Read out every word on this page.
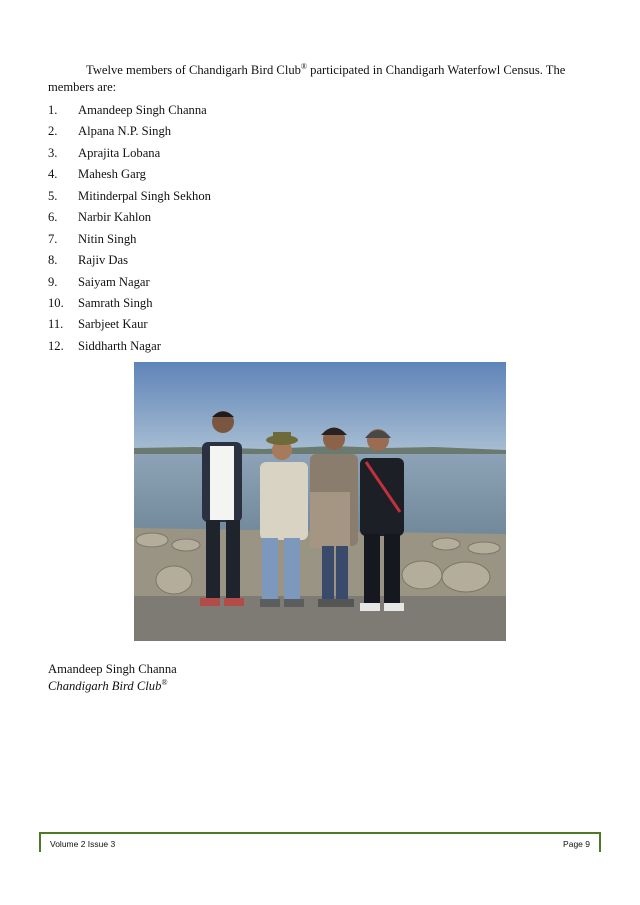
Twelve members of Chandigarh Bird Club® participated in Chandigarh Waterfowl Census. The members are:

1. Amandeep Singh Channa
2. Alpana N.P. Singh
3. Aprajita Lobana
4. Mahesh Garg
5. Mitinderpal Singh Sekhon
6. Narbir Kahlon
7. Nitin Singh
8. Rajiv Das
9. Saiyam Nagar
10. Samrath Singh
11. Sarbjeet Kaur
12. Siddharth Nagar
Amandeep Singh Channa
Chandigarh Bird Club®
Volume 2 Issue 3	Page 9
